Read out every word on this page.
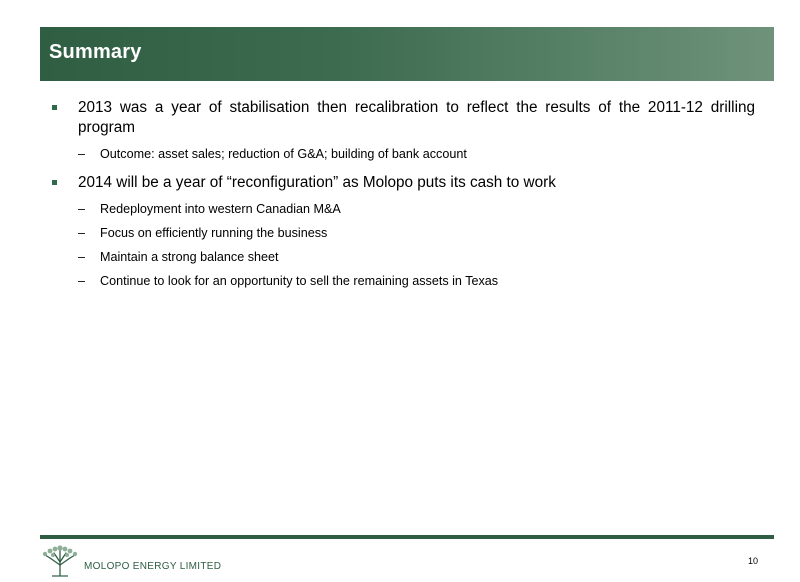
Summary
2013 was a year of stabilisation then recalibration to reflect the results of the 2011-12 drilling program
– Outcome: asset sales; reduction of G&A; building of bank account
2014 will be a year of “reconfiguration” as Molopo puts its cash to work
– Redeployment into western Canadian M&A
– Focus on efficiently running the business
– Maintain a strong balance sheet
– Continue to look for an opportunity to sell the remaining assets in Texas
MOLOPO ENERGY LIMITED	10
